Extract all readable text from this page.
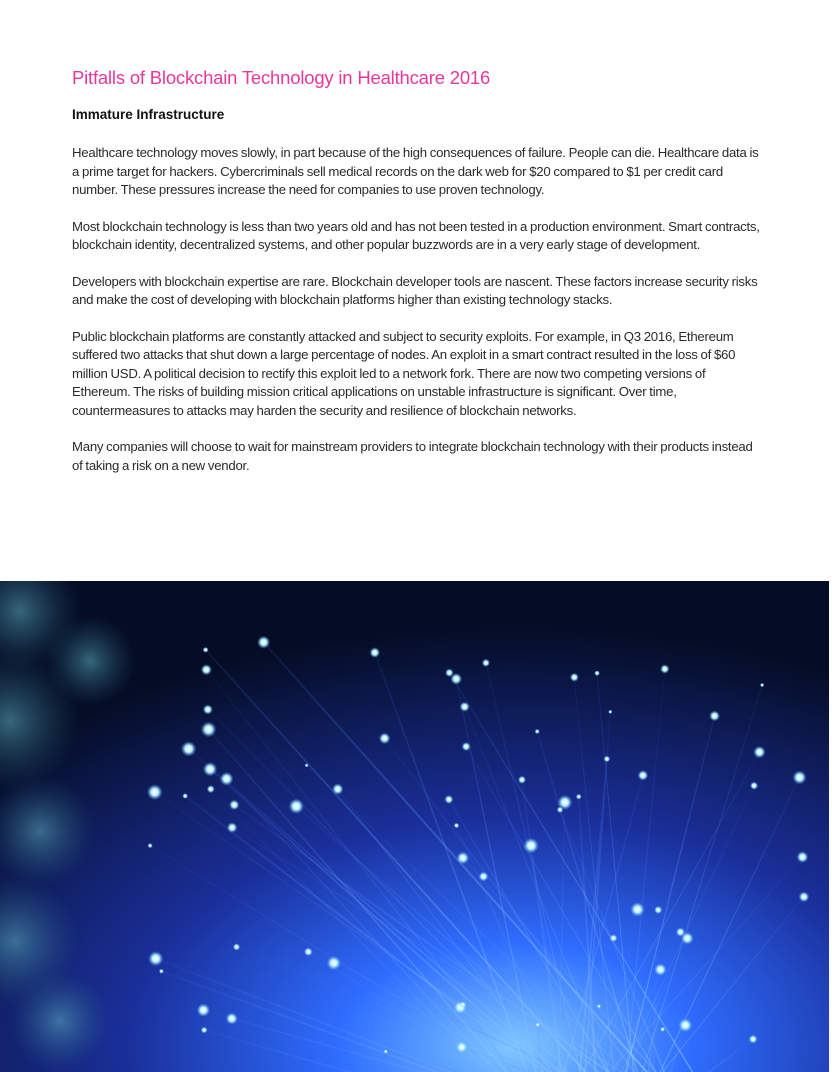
Pitfalls of Blockchain Technology in Healthcare 2016
Immature Infrastructure

Healthcare technology moves slowly, in part because of the high consequences of failure. People can die. Healthcare data is a prime target for hackers. Cybercriminals sell medical records on the dark web for $20 compared to $1 per credit card number. These pressures increase the need for companies to use proven technology.

Most blockchain technology is less than two years old and has not been tested in a production environment. Smart contracts, blockchain identity, decentralized systems, and other popular buzzwords are in a very early stage of development.

Developers with blockchain expertise are rare. Blockchain developer tools are nascent. These factors increase security risks and make the cost of developing with blockchain platforms higher than existing technology stacks.

Public blockchain platforms are constantly attacked and subject to security exploits. For example, in Q3 2016, Ethereum suffered two attacks that shut down a large percentage of nodes. An exploit in a smart contract resulted in the loss of $60 million USD. A political decision to rectify this exploit led to a network fork. There are now two competing versions of Ethereum. The risks of building mission critical applications on unstable infrastructure is significant. Over time, countermeasures to attacks may harden the security and resilience of blockchain networks.

Many companies will choose to wait for mainstream providers to integrate blockchain technology with their products instead of taking a risk on a new vendor.
